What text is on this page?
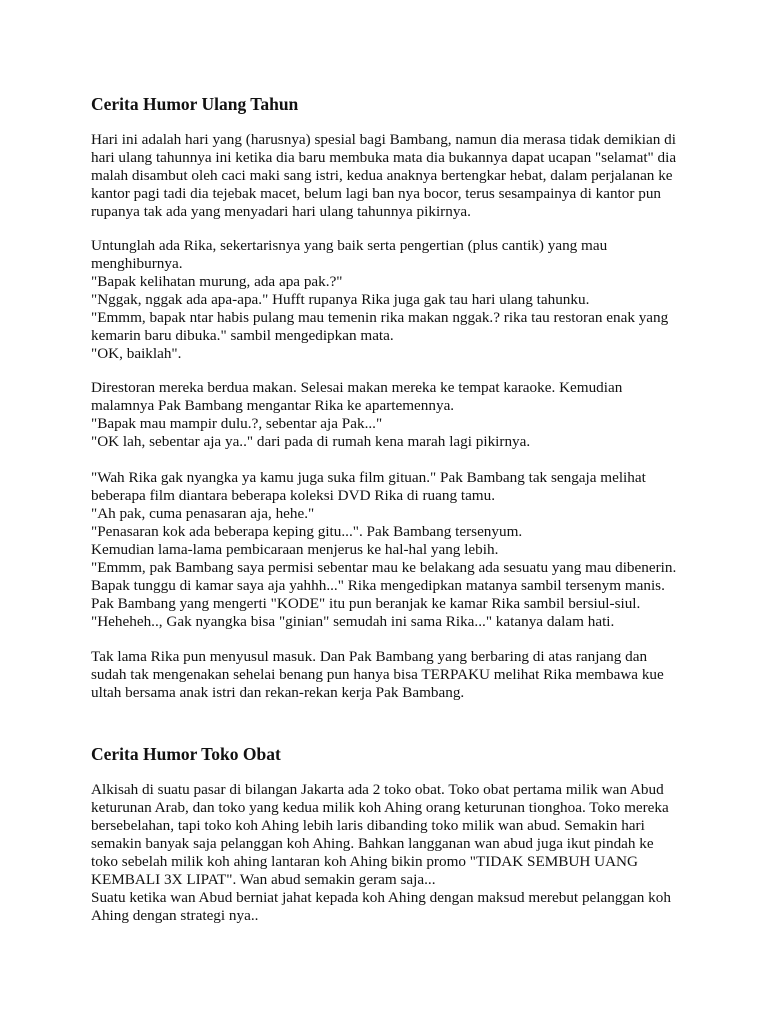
Cerita Humor Ulang Tahun
Hari ini adalah hari yang (harusnya) spesial bagi Bambang, namun dia merasa tidak demikian di
hari ulang tahunnya ini ketika dia baru membuka mata dia bukannya dapat ucapan "selamat" dia
malah disambut oleh caci maki sang istri, kedua anaknya bertengkar hebat, dalam perjalanan ke
kantor pagi tadi dia tejebak macet, belum lagi ban nya bocor, terus sesampainya di kantor pun
rupanya tak ada yang menyadari hari ulang tahunnya pikirnya.
Untunglah ada Rika, sekertarisnya yang baik serta pengertian (plus cantik) yang mau
menghiburnya.
"Bapak kelihatan murung, ada apa pak.?"
"Nggak, nggak ada apa-apa." Hufft rupanya Rika juga gak tau hari ulang tahunku.
"Emmm, bapak ntar habis pulang mau temenin rika makan nggak.? rika tau restoran enak yang
kemarin baru dibuka." sambil mengedipkan mata.
"OK, baiklah".
Direstoran mereka berdua makan. Selesai makan mereka ke tempat karaoke. Kemudian
malamnya Pak Bambang mengantar Rika ke apartemennya.
"Bapak mau mampir dulu.?, sebentar aja Pak..."
"OK lah, sebentar aja ya.." dari pada di rumah kena marah lagi pikirnya.
"Wah Rika gak nyangka ya kamu juga suka film gituan." Pak Bambang tak sengaja melihat
beberapa film diantara beberapa koleksi DVD Rika di ruang tamu.
"Ah pak, cuma penasaran aja, hehe."
"Penasaran kok ada beberapa keping gitu...". Pak Bambang tersenyum.
Kemudian lama-lama pembicaraan menjerus ke hal-hal yang lebih.
"Emmm, pak Bambang saya permisi sebentar mau ke belakang ada sesuatu yang mau dibenerin.
Bapak tunggu di kamar saya aja yahhh..." Rika mengedipkan matanya sambil tersenym manis.
Pak Bambang yang mengerti "KODE" itu pun beranjak ke kamar Rika sambil bersiul-siul.
"Heheheh.., Gak nyangka bisa "ginian" semudah ini sama Rika..." katanya dalam hati.
Tak lama Rika pun menyusul masuk. Dan Pak Bambang yang berbaring di atas ranjang dan
sudah tak mengenakan sehelai benang pun hanya bisa TERPAKU melihat Rika membawa kue
ultah bersama anak istri dan rekan-rekan kerja Pak Bambang.
Cerita Humor Toko Obat
Alkisah di suatu pasar di bilangan Jakarta ada 2 toko obat. Toko obat pertama milik wan Abud
keturunan Arab, dan toko yang kedua milik koh Ahing orang keturunan tionghoa. Toko mereka
bersebelahan, tapi toko koh Ahing lebih laris dibanding toko milik wan abud. Semakin hari
semakin banyak saja pelanggan koh Ahing. Bahkan langganan wan abud juga ikut pindah ke
toko sebelah milik koh ahing lantaran koh Ahing bikin promo "TIDAK SEMBUH UANG
KEMBALI 3X LIPAT". Wan abud semakin geram saja...
Suatu ketika wan Abud berniat jahat kepada koh Ahing dengan maksud merebut pelanggan koh
Ahing dengan strategi nya..
